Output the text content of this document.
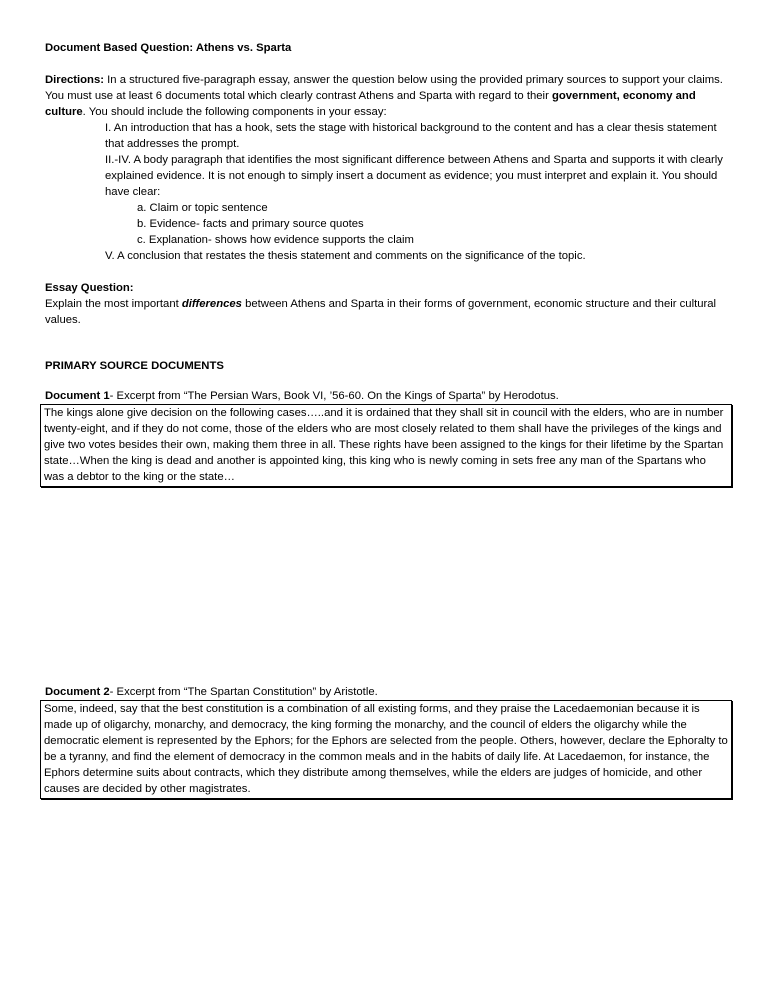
Document Based Question: Athens vs. Sparta

Directions: In a structured five-paragraph essay, answer the question below using the provided primary sources to support your claims. You must use at least 6 documents total which clearly contrast Athens and Sparta with regard to their government, economy and culture. You should include the following components in your essay:

I. An introduction that has a hook, sets the stage with historical background to the content and has a clear thesis statement that addresses the prompt.

II.-IV. A body paragraph that identifies the most significant difference between Athens and Sparta and supports it with clearly explained evidence. It is not enough to simply insert a document as evidence; you must interpret and explain it. You should have clear:

a. Claim or topic sentence

b. Evidence- facts and primary source quotes

c. Explanation- shows how evidence supports the claim

V. A conclusion that restates the thesis statement and comments on the significance of the topic.

Essay Question:

Explain the most important differences between Athens and Sparta in their forms of government, economic structure and their cultural values.

PRIMARY SOURCE DOCUMENTS

Document 1- Excerpt from “The Persian Wars, Book VI, ’56-60. On the Kings of Sparta” by Herodotus.

The kings alone give decision on the following cases…..and it is ordained that they shall sit in council with the elders, who are in number twenty-eight, and if they do not come, those of the elders who are most closely related to them shall have the privileges of the kings and give two votes besides their own, making them three in all. These rights have been assigned to the kings for their lifetime by the Spartan state…When the king is dead and another is appointed king, this king who is newly coming in sets free any man of the Spartans who was a debtor to the king or the state…

Document 2- Excerpt from “The Spartan Constitution” by Aristotle.

Some, indeed, say that the best constitution is a combination of all existing forms, and they praise the Lacedaemonian because it is made up of oligarchy, monarchy, and democracy, the king forming the monarchy, and the council of elders the oligarchy while the democratic element is represented by the Ephors; for the Ephors are selected from the people. Others, however, declare the Ephoralty to be a tyranny, and find the element of democracy in the common meals and in the habits of daily life. At Lacedaemon, for instance, the Ephors determine suits about contracts, which they distribute among themselves, while the elders are judges of homicide, and other causes are decided by other magistrates.
